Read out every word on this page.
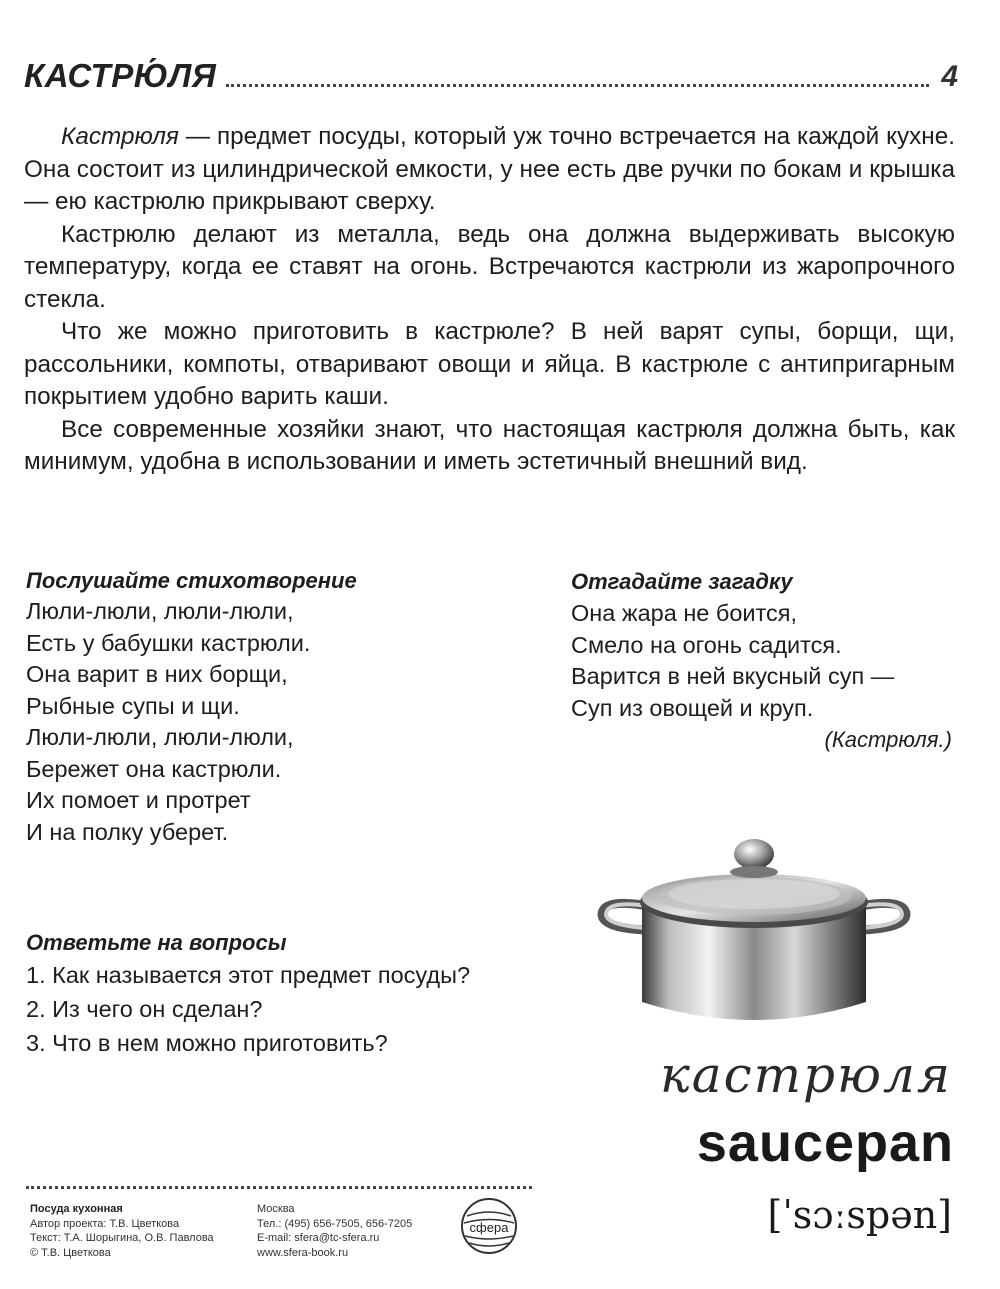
КАСТРЮ́ЛЯ	4

Кастрюля — предмет посуды, который уж точно встречается на каждой кухне. Она состоит из цилиндрической емкости, у нее есть две ручки по бокам и крышка — ею кастрюлю прикрывают сверху.

Кастрюлю делают из металла, ведь она должна выдерживать высокую температуру, когда ее ставят на огонь. Встречаются кастрюли из жаропрочного стекла.

Что же можно приготовить в кастрюле? В ней варят супы, борщи, щи, рассольники, компоты, отваривают овощи и яйца. В кастрюле с антипригарным покрытием удобно варить каши.

Все современные хозяйки знают, что настоящая кастрюля должна быть, как минимум, удобна в использовании и иметь эстетичный внешний вид.

Послушайте стихотворение
Люли-люли, люли-люли,
Есть у бабушки кастрюли.
Она варит в них борщи,
Рыбные супы и щи.
Люли-люли, люли-люли,
Бережет она кастрюли.
Их помоет и протрет
И на полку уберет.
Отгадайте загадку
Она жара не боится,
Смело на огонь садится.
Варится в ней вкусный суп —
Суп из овощей и круп.
(Кастрюля.)
Ответьте на вопросы
1. Как называется этот предмет посуды?
2. Из чего он сделан?
3. Что в нем можно приготовить?
кастрюля
saucepan
[ˈsɔːspən]
Посуда кухонная
Автор проекта: Т.В. Цветкова
Текст: Т.А. Шорыгина, О.В. Павлова
© Т.В. Цветкова
Москва
Тел.: (495) 656-7505, 656-7205
E-mail: sfera@tc-sfera.ru
www.sfera-book.ru
сфера
